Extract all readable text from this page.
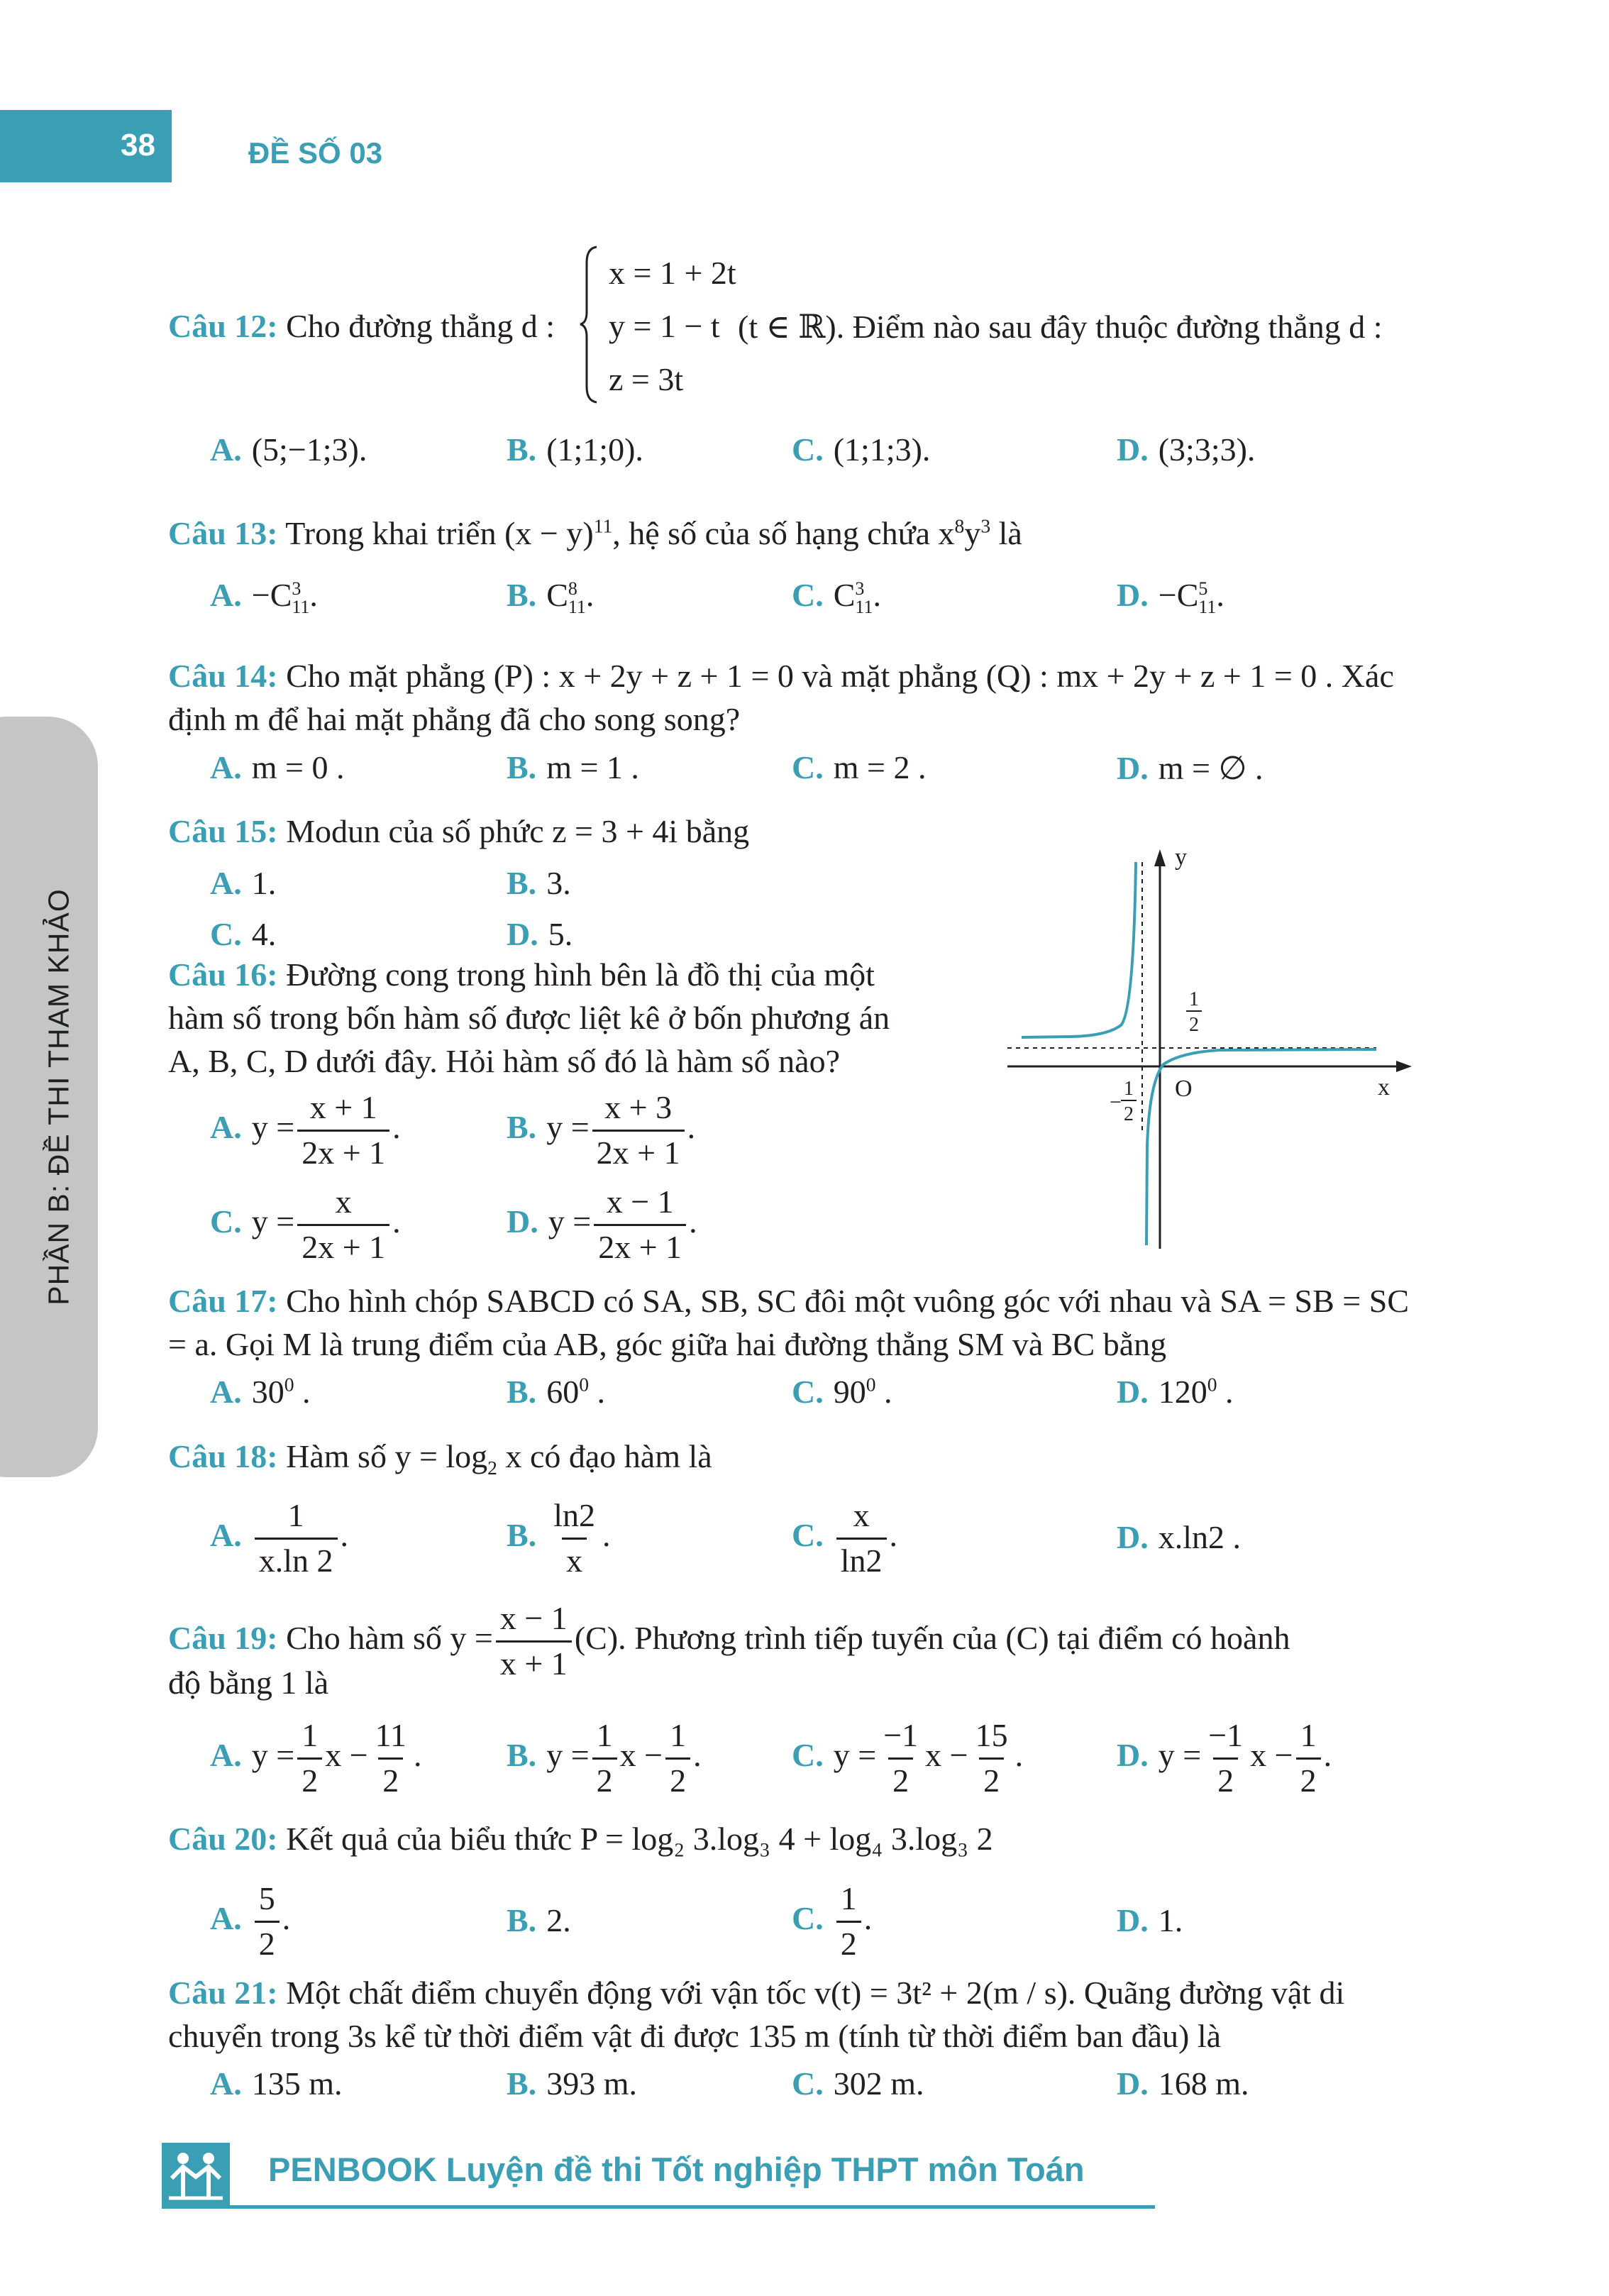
38	ĐỀ SỐ 03
PHẦN B: ĐỀ THI THAM KHẢO
x = 1 + 2t
y = 1 − t
z = 3t
Câu 12: Cho đường thẳng d :	(t ∈ ℝ). Điểm nào sau đây thuộc đường thẳng d :
A. (5;−1;3).	B. (1;1;0).	C. (1;1;3).	D. (3;3;3).
Câu 13: Trong khai triển $(x - y)^{11}$, hệ số của số hạng chứa $x^8y^3$ là
A. −C 3
11 .	B. C 8
11 .	C. C 3
11 .	D. −C 5
11 .
Câu 14: Cho mặt phẳng (P) : x + 2y + z + 1 = 0 và mặt phẳng (Q) : mx + 2y + z + 1 = 0 . Xác
định m để hai mặt phẳng đã cho song song?
A. m = 0 .	B. m = 1 .	C. m = 2 .	D. m = ∅ .
Câu 15: Modun của số phức z = 3 + 4i bằng
A. 1.	B. 3.
C. 4.	D. 5.
Câu 16: Đường cong trong hình bên là đồ thị của một
hàm số trong bốn hàm số được liệt kê ở bốn phương án
A, B, C, D dưới đây. Hỏi hàm số đó là hàm số nào?
A. $y = \frac{x + 1}{2x + 1}$ .	B. $y = \frac{x + 3}{2x + 1}$ .
C. $y = \frac{x}{2x + 1}$ .	D. $y = \frac{x - 1}{2x + 1}$ .
y
x
O
1
2
−
1
2
Câu 17: Cho hình chóp SABCD có SA, SB, SC đôi một vuông góc với nhau và SA = SB = SC
= a. Gọi M là trung điểm của AB, góc giữa hai đường thẳng SM và BC bằng
A. $30^0$ .	B. $60^0$ .	C. $90^0$ .	D. $120^0$ .
Câu 18: Hàm số $y = \log_2 x$ có đạo hàm là
A. $\frac{1}{x.\ln 2}$ .	B. $\frac{\ln 2}{x}$ .	C. $\frac{x}{\ln 2}$ .	D. x.ln2 .
Câu 19: Cho hàm số $y = \frac{x - 1}{x + 1} (C)$. Phương trình tiếp tuyến của (C) tại điểm có hoành
độ bằng 1 là
A. $y = \frac{1}{2}$ $x - \frac{11}{2}$ .	B. $y = \frac{1}{2}$ $x - \frac{1}{2}$ .	C. $y = \frac{-1}{2}$ $x - \frac{15}{2}$ .	D. $y = \frac{-1}{2}$ $x - \frac{1}{2}$ .
Câu 20: Kết quả của biểu thức P = log₂ 3.log₃ 4 + log₄ 3.log₃ 2
A. $\frac{5}{2}$ .	B. 2.	C. $\frac{1}{2}$ .	D. 1.
Câu 21: Một chất điểm chuyển động với vận tốc v(t) = 3t² + 2(m / s). Quãng đường vật di
chuyển trong 3s kể từ thời điểm vật đi được 135 m (tính từ thời điểm ban đầu) là
A. 135 m.	B. 393 m.	C. 302 m.	D. 168 m.
PENBOOK Luyện đề thi Tốt nghiệp THPT môn Toán
